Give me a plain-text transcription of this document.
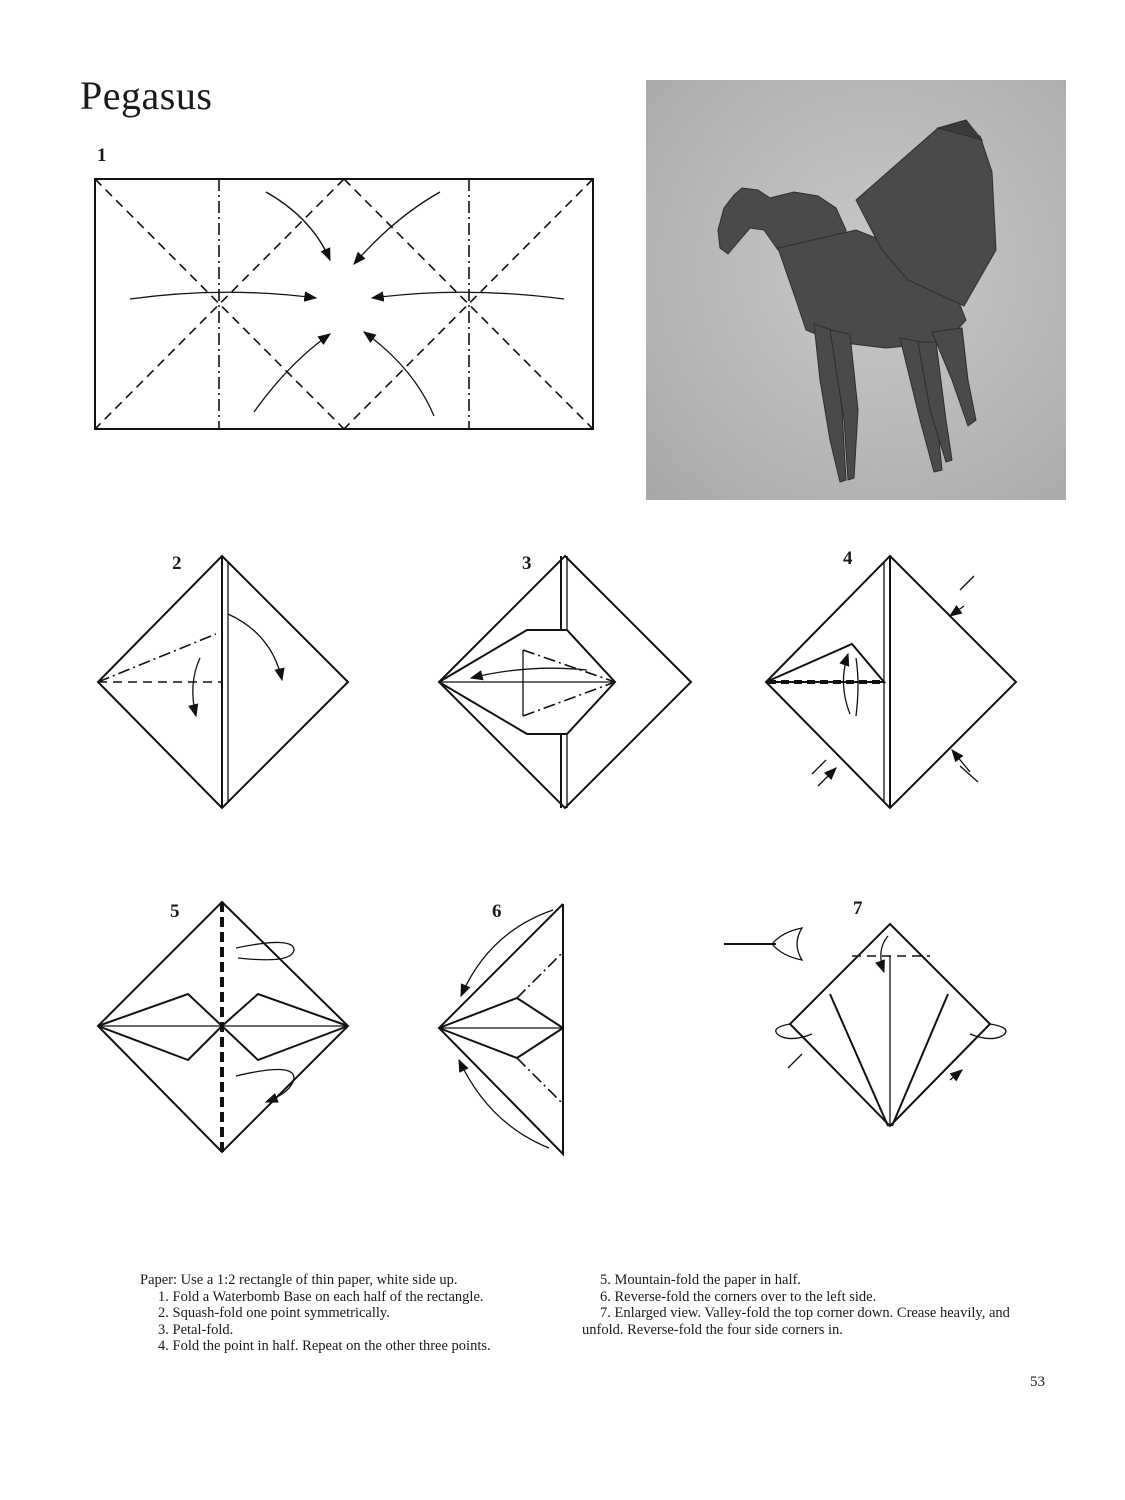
Pegasus
1
2	3	4
5	6	7

Paper: Use a 1:2 rectangle of thin paper, white side up.

1. Fold a Waterbomb Base on each half of the rectangle.

2. Squash-fold one point symmetrically.

3. Petal-fold.

4. Fold the point in half. Repeat on the other three points.

5. Mountain-fold the paper in half.

6. Reverse-fold the corners over to the left side.

7. Enlarged view. Valley-fold the top corner down. Crease heavily, and unfold. Reverse-fold the four side corners in.

53
